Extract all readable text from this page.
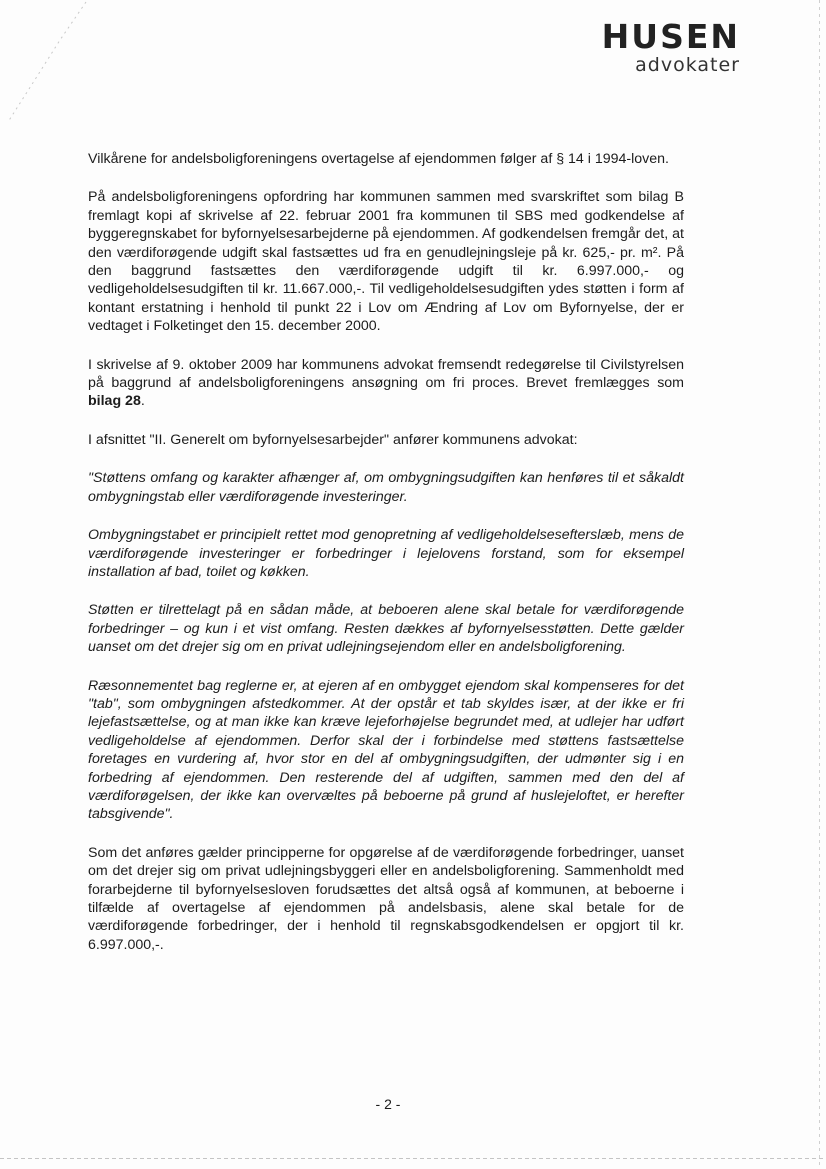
HUSEN
advokater

Vilkårene for andelsboligforeningens overtagelse af ejendommen følger af § 14 i 1994-loven.

På andelsboligforeningens opfordring har kommunen sammen med svarskriftet som bilag B fremlagt kopi af skrivelse af 22. februar 2001 fra kommunen til SBS med godkendelse af byggeregnskabet for byfornyelsesarbejderne på ejendommen. Af godkendelsen fremgår det, at den værdiforøgende udgift skal fastsættes ud fra en genudlejningsleje på kr. 625,- pr. m². På den baggrund fastsættes den værdiforøgende udgift til kr. 6.997.000,- og vedligeholdelsesudgiften til kr. 11.667.000,-. Til vedligeholdelsesudgiften ydes støtten i form af kontant erstatning i henhold til punkt 22 i Lov om Ændring af Lov om Byfornyelse, der er vedtaget i Folketinget den 15. december 2000.

I skrivelse af 9. oktober 2009 har kommunens advokat fremsendt redegørelse til Civilstyrelsen på baggrund af andelsboligforeningens ansøgning om fri proces. Brevet fremlægges som bilag 28.

I afsnittet "II. Generelt om byfornyelsesarbejder" anfører kommunens advokat:

"Støttens omfang og karakter afhænger af, om ombygningsudgiften kan henføres til et såkaldt ombygningstab eller værdiforøgende investeringer.

Ombygningstabet er principielt rettet mod genopretning af vedligeholdelsesefterslæb, mens de værdiforøgende investeringer er forbedringer i lejelovens forstand, som for eksempel installation af bad, toilet og køkken.

Støtten er tilrettelagt på en sådan måde, at beboeren alene skal betale for værdiforøgende forbedringer – og kun i et vist omfang. Resten dækkes af byfornyelsesstøtten. Dette gælder uanset om det drejer sig om en privat udlejningsejendom eller en andelsboligforening.

Ræsonnementet bag reglerne er, at ejeren af en ombygget ejendom skal kompenseres for det "tab", som ombygningen afstedkommer. At der opstår et tab skyldes især, at der ikke er fri lejefastsættelse, og at man ikke kan kræve lejeforhøjelse begrundet med, at udlejer har udført vedligeholdelse af ejendommen. Derfor skal der i forbindelse med støttens fastsættelse foretages en vurdering af, hvor stor en del af ombygningsudgiften, der udmønter sig i en forbedring af ejendommen. Den resterende del af udgiften, sammen med den del af værdiforøgelsen, der ikke kan overvæltes på beboerne på grund af huslejeloftet, er herefter tabsgivende".

Som det anføres gælder principperne for opgørelse af de værdiforøgende forbedringer, uanset om det drejer sig om privat udlejningsbyggeri eller en andelsboligforening. Sammenholdt med forarbejderne til byfornyelsesloven forudsættes det altså også af kommunen, at beboerne i tilfælde af overtagelse af ejendommen på andelsbasis, alene skal betale for de værdiforøgende forbedringer, der i henhold til regnskabsgodkendelsen er opgjort til kr. 6.997.000,-.

- 2 -
